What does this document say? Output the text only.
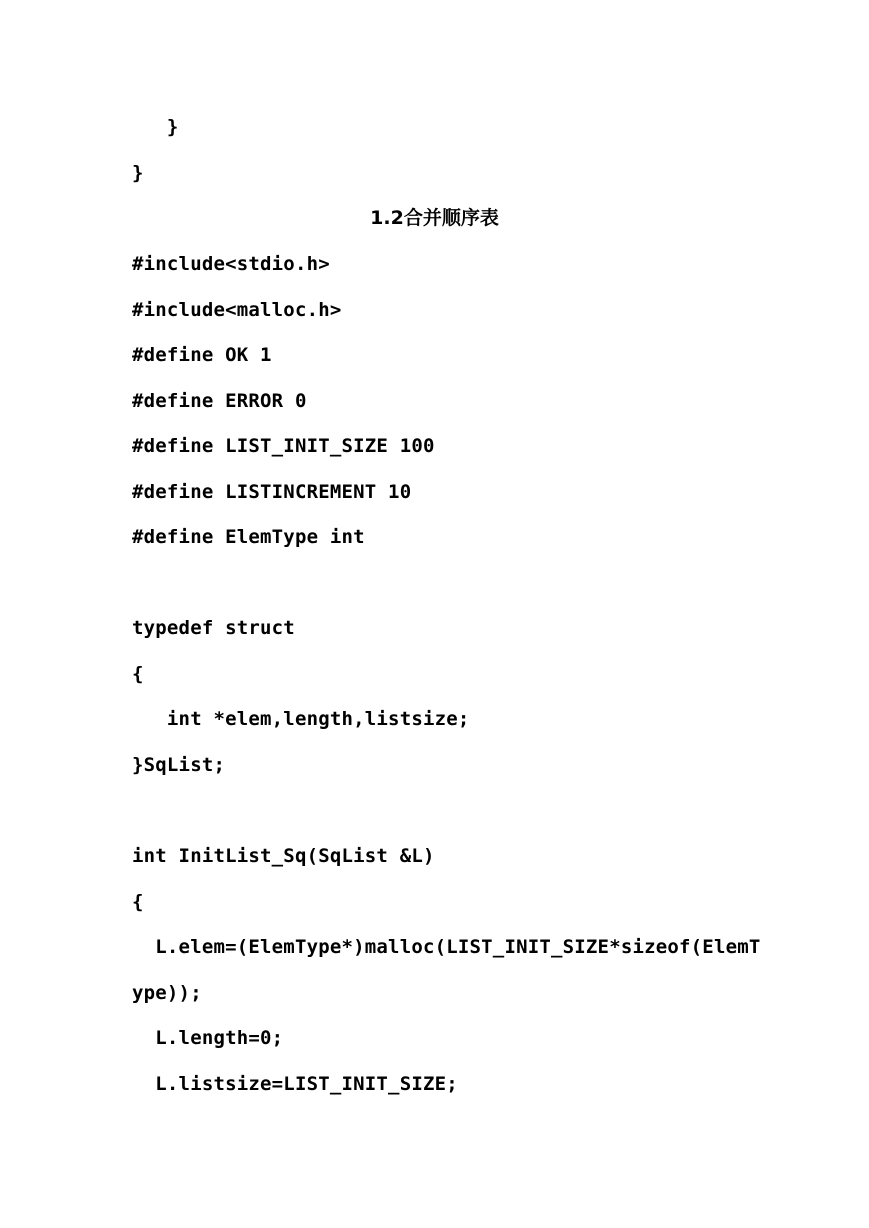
}
}
1.2合并顺序表
#include<stdio.h>
#include<malloc.h>
#define OK 1
#define ERROR 0
#define LIST_INIT_SIZE 100
#define LISTINCREMENT 10
#define ElemType int
typedef struct
{
int *elem,length,listsize;
}SqList;
int InitList_Sq(SqList &L)
{
L.elem=(ElemType*)malloc(LIST_INIT_SIZE*sizeof(ElemT
ype));
L.length=0;
L.listsize=LIST_INIT_SIZE;
